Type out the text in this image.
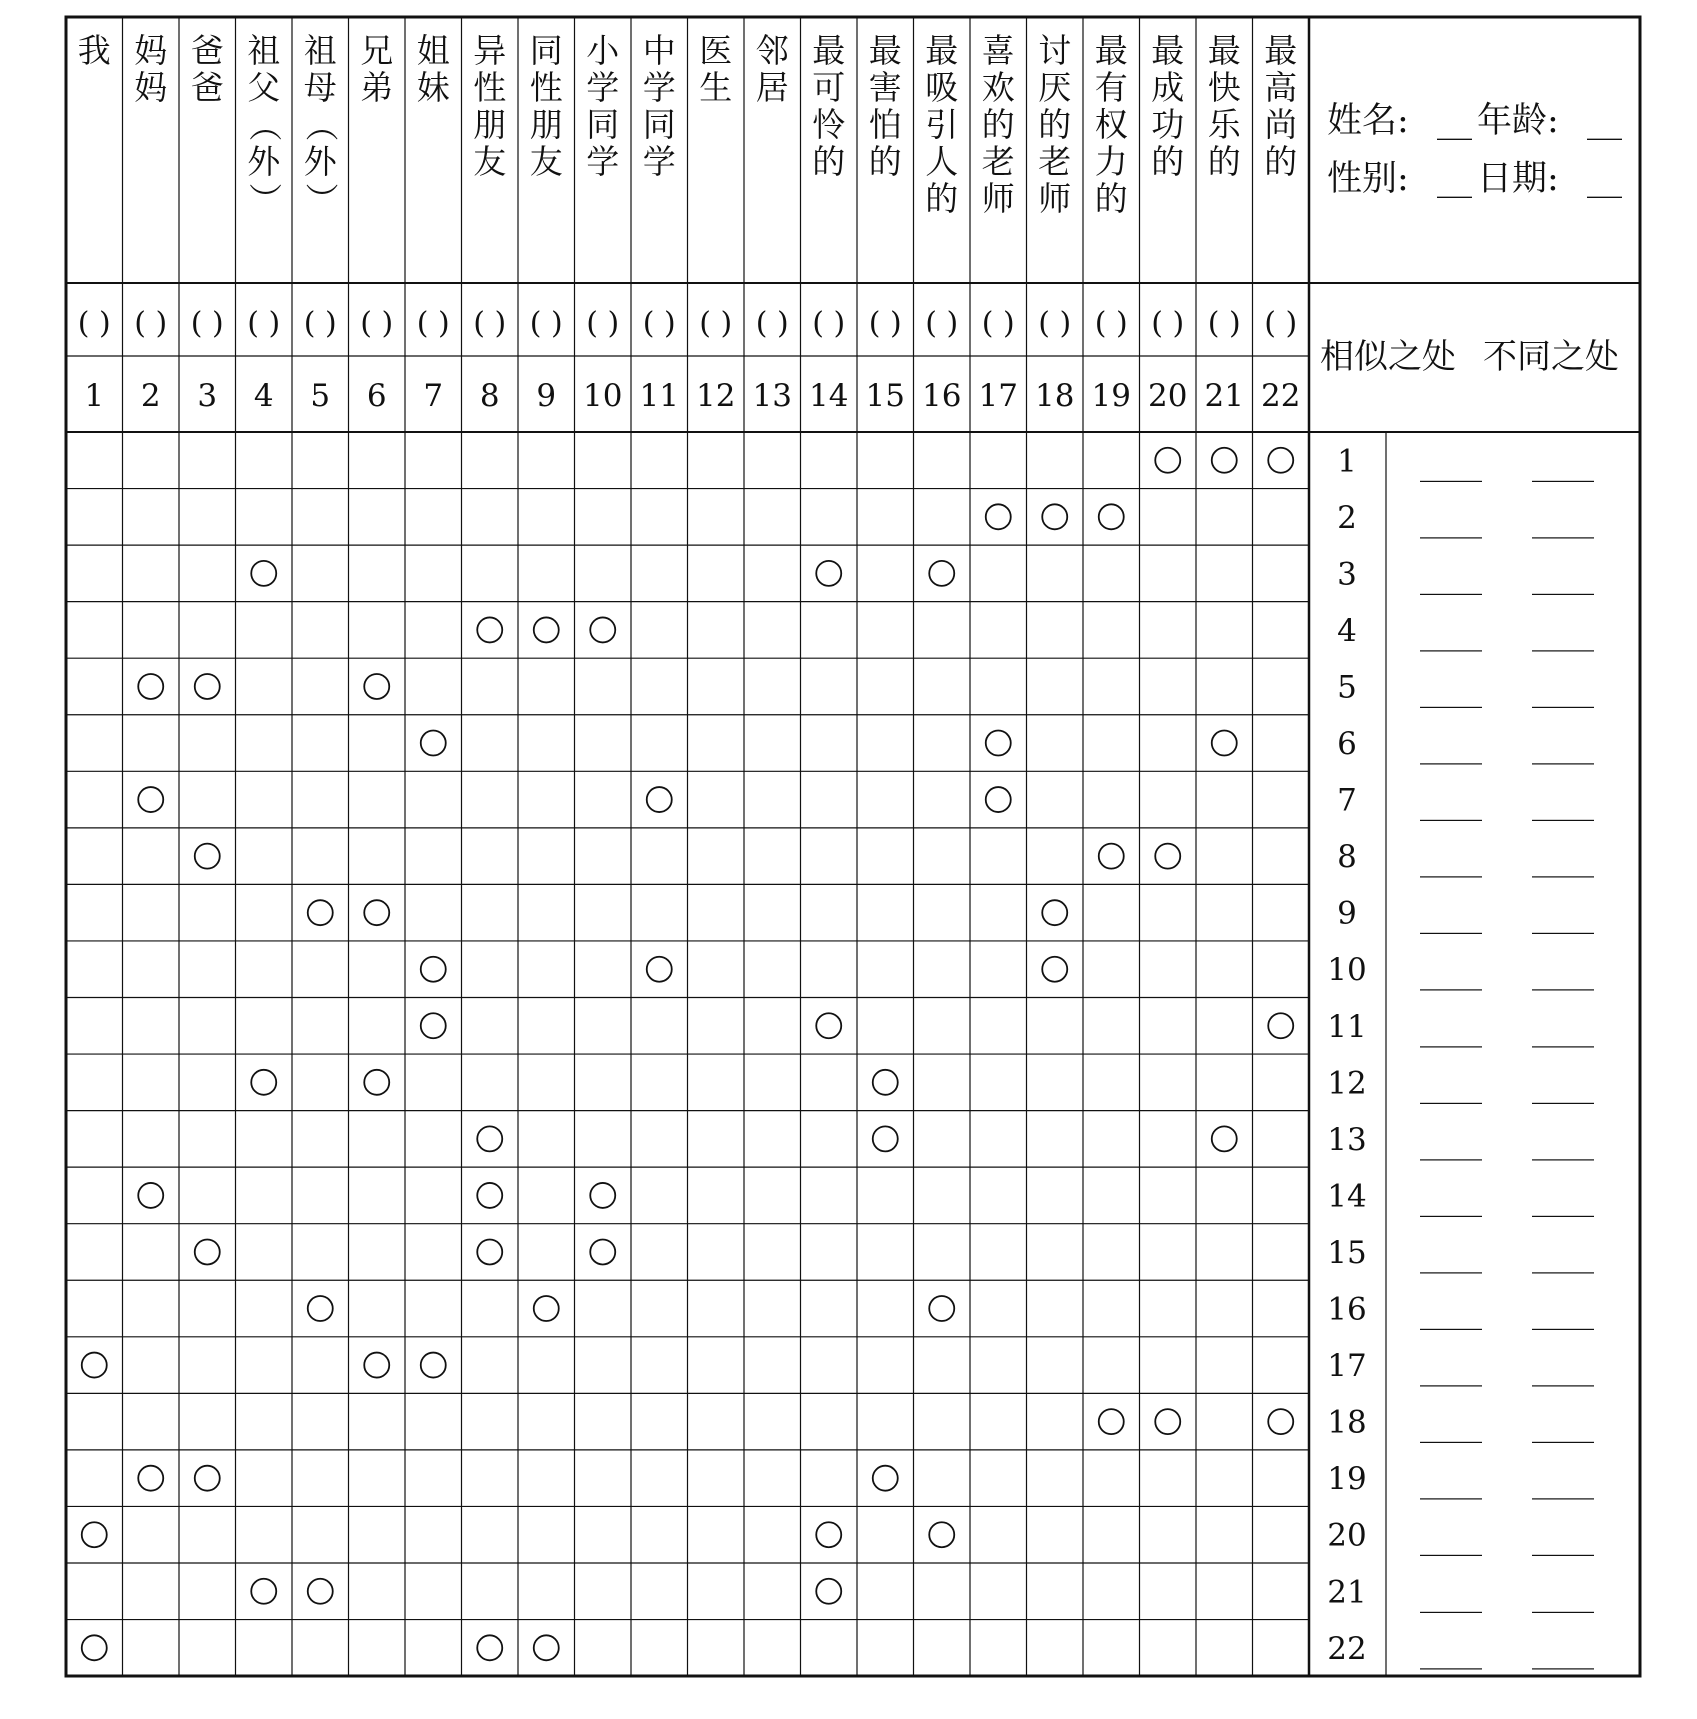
我 妈
妈
爸
爸
祖
父
（
外
）
祖
母
（
外
）
兄
弟
姐
妹
异
性
朋
友
同
性
朋
友
小
学
同
学
中
学
同
学
医
生
邻
居
最
可
怜
的
最
害
怕
的
最
吸
引
人
的
喜
欢
的
老
师
讨
厌
的
老
师
最
有
权
力
的
最
成
功
的
最
快
乐
的
最
高
尚
的
( ) ( ) ( ) ( ) ( ) ( ) ( ) ( ) ( ) ( ) ( ) ( ) ( ) ( ) ( ) ( ) ( ) ( ) ( ) ( ) ( ) ( )
1 2 3 4 5 6 7 8 9 10 11 12 13 14 15 16 17 18 19 20 21 22
姓名: __ 年龄: __
性别: __ 日期: __
相似之处 不同之处
1
2
3
4
5
6
7
8
9
10
11
12
13
14
15
16
17
18
19
20
21
22
____ ____
____ ____
____ ____
____ ____
____ ____
____ ____
____ ____
____ ____
____ ____
____ ____
____ ____
____ ____
____ ____
____ ____
____ ____
____ ____
____ ____
____ ____
____ ____
____ ____
____ ____
____ ____
